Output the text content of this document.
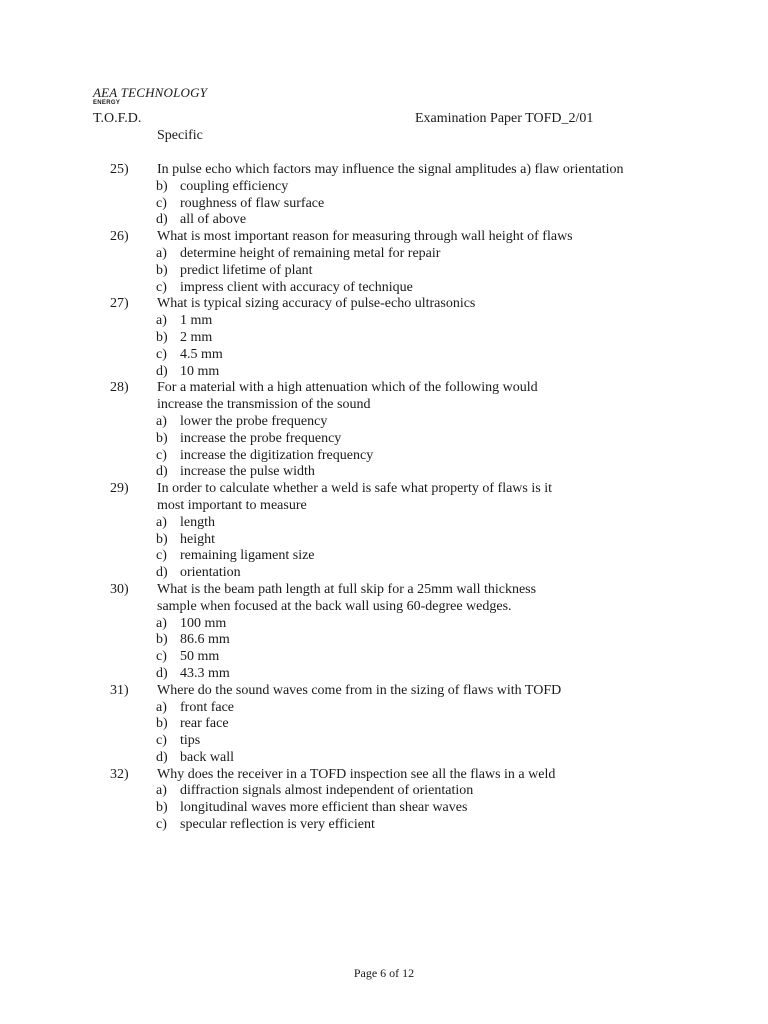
AEA TECHNOLOGY
ENERGY
T.O.F.D.	Examination Paper TOFD_2/01
Specific
25) In pulse echo which factors may influence the signal amplitudes a) flaw orientation
b) coupling efficiency
c) roughness of flaw surface
d) all of above
26) What is most important reason for measuring through wall height of flaws
a) determine height of remaining metal for repair
b) predict lifetime of plant
c) impress client with accuracy of technique
27) What is typical sizing accuracy of pulse-echo ultrasonics
a) 1 mm
b) 2 mm
c) 4.5 mm
d) 10 mm
28) For a material with a high attenuation which of the following would
increase the transmission of the sound
a) lower the probe frequency
b) increase the probe frequency
c) increase the digitization frequency
d) increase the pulse width
29) In order to calculate whether a weld is safe what property of flaws is it
most important to measure
a) length
b) height
c) remaining ligament size
d) orientation
30) What is the beam path length at full skip for a 25mm wall thickness
sample when focused at the back wall using 60-degree wedges.
a) 100 mm
b) 86.6 mm
c) 50 mm
d) 43.3 mm
31) Where do the sound waves come from in the sizing of flaws with TOFD
a) front face
b) rear face
c) tips
d) back wall
32) Why does the receiver in a TOFD inspection see all the flaws in a weld
a) diffraction signals almost independent of orientation
b) longitudinal waves more efficient than shear waves
c) specular reflection is very efficient
Page 6 of 12
